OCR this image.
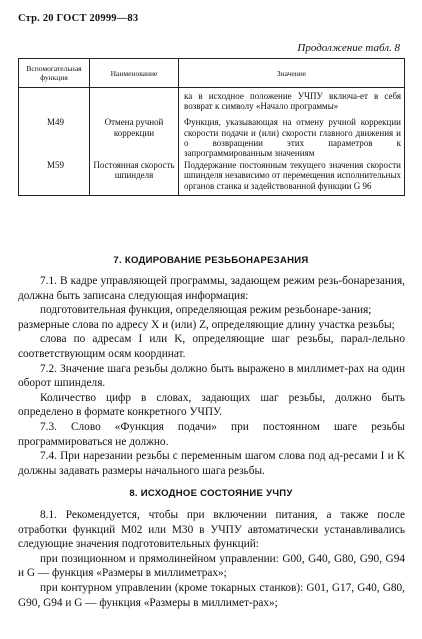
Стр. 20 ГОСТ 20999—83
Продолжение табл. 8
Вспомогательная функция	Наименование	Значение
		ка в исходное положение УЧПУ включа-ет в себя возврат к символу «Начало программы»
M49	Отмена ручной коррекции	Функция, указывающая на отмену ручной коррекции скорости подачи и (или) скорости главного движения и о возвращении этих параметров к запрограммированным значениям
M59	Постоянная скорость шпинделя	Поддержание постоянным текущего значения скорости шпинделя независимо от перемещения исполнительных органов станка и задействованной функции G 96
7. КОДИРОВАНИЕ РЕЗЬБОНАРЕЗАНИЯ

7.1. В кадре управляющей программы, задающем режим резь-бонарезания, должна быть записана следующая информация:

подготовительная функция, определяющая режим резьбонаре-зания;

размерные слова по адресу X и (или) Z, определяющие длину участка резьбы;

слова по адресам I или K, определяющие шаг резьбы, парал-лельно соответствующим осям координат.

7.2. Значение шага резьбы должно быть выражено в миллимет-рах на один оборот шпинделя.

Количество цифр в словах, задающих шаг резьбы, должно быть определено в формате конкретного УЧПУ.

7.3. Слово «Функция подачи» при постоянном шаге резьбы программироваться не должно.

7.4. При нарезании резьбы с переменным шагом слова под ад-ресами I и K должны задавать размеры начального шага резьбы.

8. ИСХОДНОЕ СОСТОЯНИЕ УЧПУ

8.1. Рекомендуется, чтобы при включении питания, а также после отработки функций M02 или M30 в УЧПУ автоматически устанавливались следующие значения подготовительных функций:

при позиционном и прямолинейном управлении: G00, G40, G80, G90, G94 и G — функция «Размеры в миллиметрах»;

при контурном управлении (кроме токарных станков): G01, G17, G40, G80, G90, G94 и G — функция «Размеры в миллимет-рах»;
